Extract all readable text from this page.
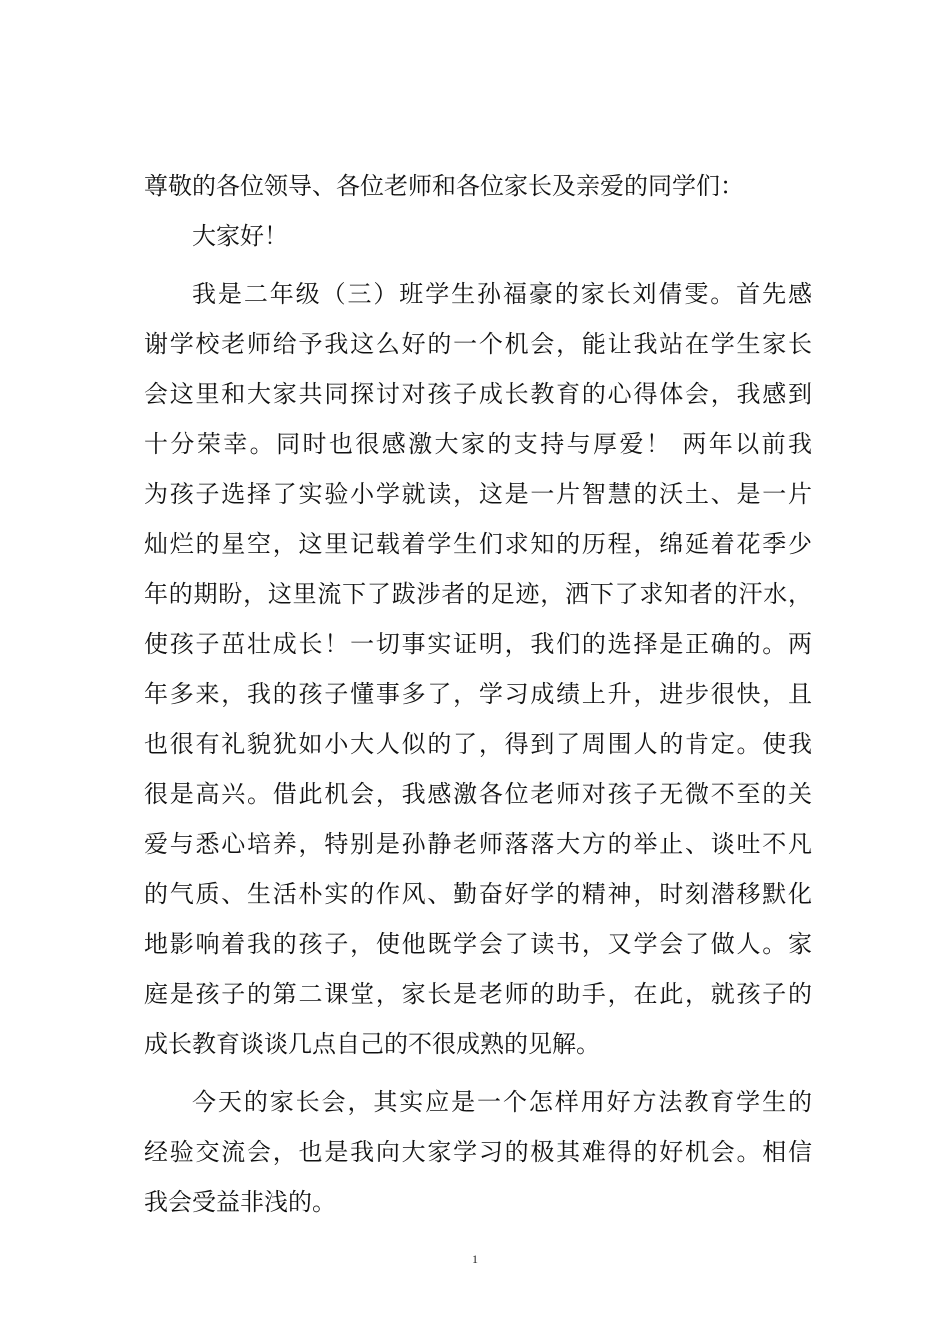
尊敬的各位领导、各位老师和各位家长及亲爱的同学们：
大家好！
我是二年级（三）班学生孙福豪的家长刘倩雯。首先感
谢学校老师给予我这么好的一个机会，能让我站在学生家长
会这里和大家共同探讨对孩子成长教育的心得体会，我感到
十分荣幸。同时也很感激大家的支持与厚爱！ 两年以前我
为孩子选择了实验小学就读，这是一片智慧的沃土、是一片
灿烂的星空，这里记载着学生们求知的历程，绵延着花季少
年的期盼，这里流下了跋涉者的足迹，洒下了求知者的汗水，
使孩子茁壮成长！一切事实证明，我们的选择是正确的。两
年多来，我的孩子懂事多了，学习成绩上升，进步很快，且
也很有礼貌犹如小大人似的了，得到了周围人的肯定。使我
很是高兴。借此机会，我感激各位老师对孩子无微不至的关
爱与悉心培养，特别是孙静老师落落大方的举止、谈吐不凡
的气质、生活朴实的作风、勤奋好学的精神，时刻潜移默化
地影响着我的孩子，使他既学会了读书，又学会了做人。家
庭是孩子的第二课堂，家长是老师的助手，在此，就孩子的
成长教育谈谈几点自己的不很成熟的见解。
今天的家长会，其实应是一个怎样用好方法教育学生的
经验交流会，也是我向大家学习的极其难得的好机会。相信
我会受益非浅的。
1
